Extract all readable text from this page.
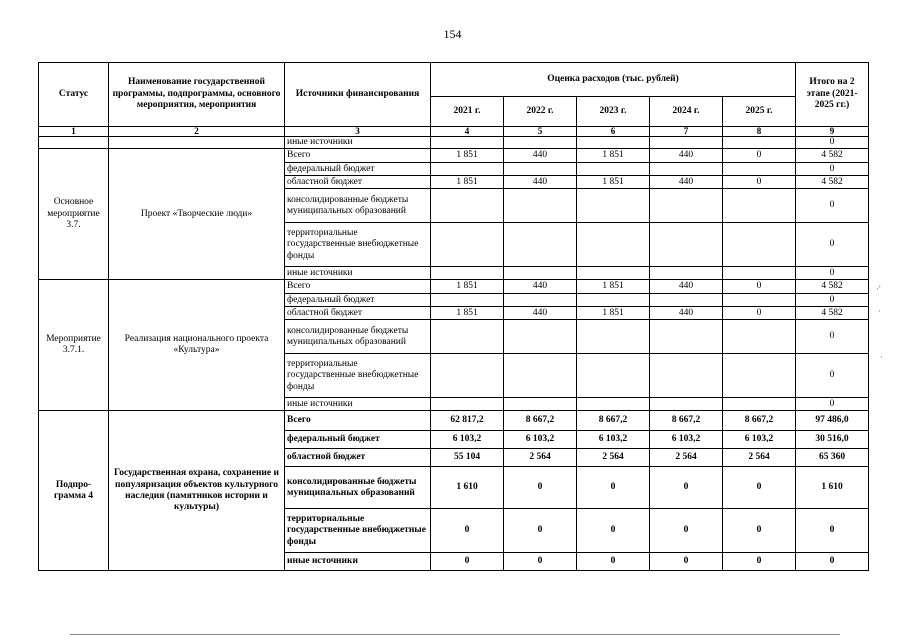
154
Статус	Наименование государственной программы, подпрограммы, основного мероприятия, мероприятия	Источники финансирования	Оценка расходов (тыс. рублей)					Итого на 2 этапе (2021-2025 гг.)
			2021 г.	2022 г.	2023 г.	2024 г.	2025 г.	
1	2	3	4	5	6	7	8	9
		иные источники						0
Основное мероприятие 3.7.	Проект «Творческие люди»	Всего	1 851	440	1 851	440	0	4 582
		федеральный бюджет						0
		областной бюджет	1 851	440	1 851	440	0	4 582
		консолидированные бюджеты муниципальных образований						0
		территориальные государственные внебюджетные фонды						0
		иные источники						0
Мероприятие 3.7.1.	Реализация национального проекта «Культура»	Всего	1 851	440	1 851	440	0	4 582
		федеральный бюджет						0
		областной бюджет	1 851	440	1 851	440	0	4 582
		консолидированные бюджеты муниципальных образований						0
		территориальные государственные внебюджетные фонды						0
		иные источники						0
Подпро- грамма 4	Государственная охрана, сохранение и популяризация объектов культурного наследия (памятников истории и культуры)	Всего	62 817,2	8 667,2	8 667,2	8 667,2	8 667,2	97 486,0
		федеральный бюджет	6 103,2	6 103,2	6 103,2	6 103,2	6 103,2	30 516,0
		областной бюджет	55 104	2 564	2 564	2 564	2 564	65 360
		консолидированные бюджеты муниципальных образований	1 610	0	0	0	0	1 610
		территориальные государственные внебюджетные фонды	0	0	0	0	0	0
		иные источники	0	0	0	0	0	0
·'
·
·
